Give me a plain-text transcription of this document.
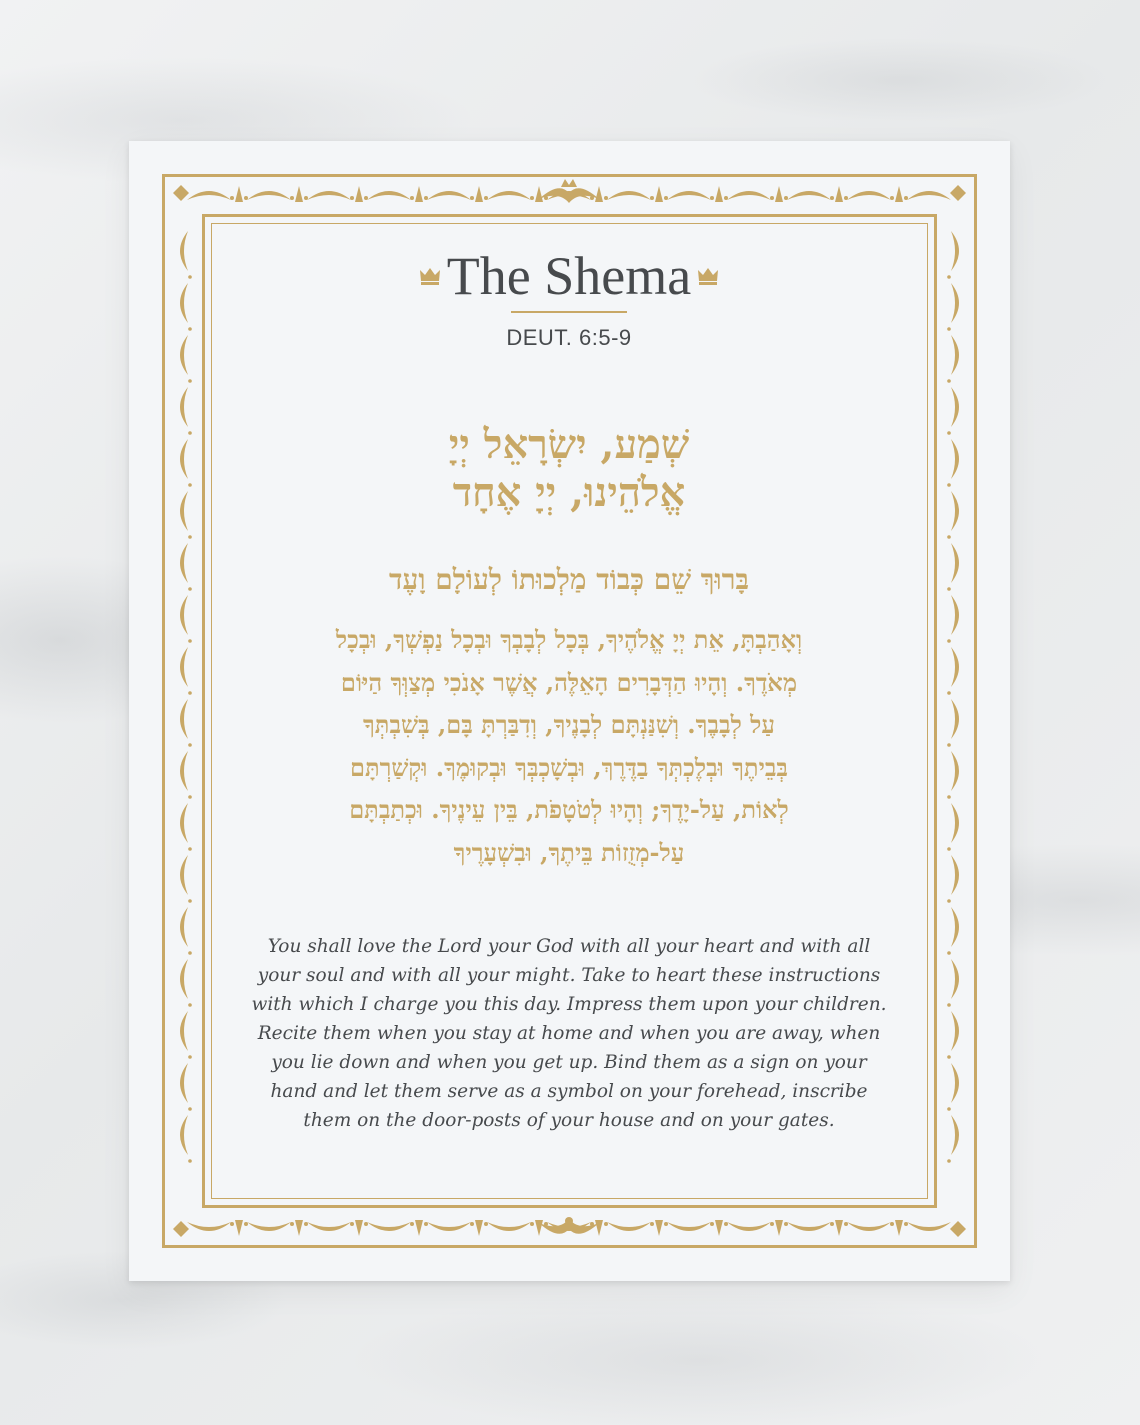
The Shema
DEUT. 6:5-9
שְׁמַע, יִשְׂרָאֵל יְיָ
אֱלֹהֵינוּ, יְיָ אֶחָד
בָּרוּךְ שֵׁם כְּבוֹד מַלְכוּתוֹ לְעוֹלָם וָעֶד
וְאָהַבְתָּ, אֵת יְיָ אֱלֹהֶיךָ, בְּכָל לְבָבְךָ וּבְכָל נַפְשְׁךָ, וּבְכָל
מְאֹדֶךָ. וְהָיוּ הַדְּבָרִים הָאֵלֶּה, אֲשֶׁר אָנֹכִי מְצַוְּךָ הַיּוֹם
עַל לְבָבֶךָ. וְשִׁנַּנְתָּם לְבָנֶיךָ, וְדִבַּרְתָּ בָּם, בְּשִׁבְתְּךָ
בְּבֵיתֶךָ וּבְלֶכְתְּךָ בַדֶּרֶךְ, וּבְשָׁכְבְּךָ וּבְקוּמֶךָ. וּקְשַׁרְתָּם
לְאוֹת, עַל-יָדֶךָ; וְהָיוּ לְטֹטָפֹת, בֵּין עֵינֶיךָ. וּכְתַבְתָּם
עַל-מְזֻזוֹת בֵּיתֶךָ, וּבִשְׁעָרֶיךָ
You shall love the Lord your God with all your heart and with all your soul and with all your might. Take to heart these instructions with which I charge you this day. Impress them upon your children. Recite them when you stay at home and when you are away, when you lie down and when you get up. Bind them as a sign on your hand and let them serve as a symbol on your forehead, inscribe them on the door-posts of your house and on your gates.
